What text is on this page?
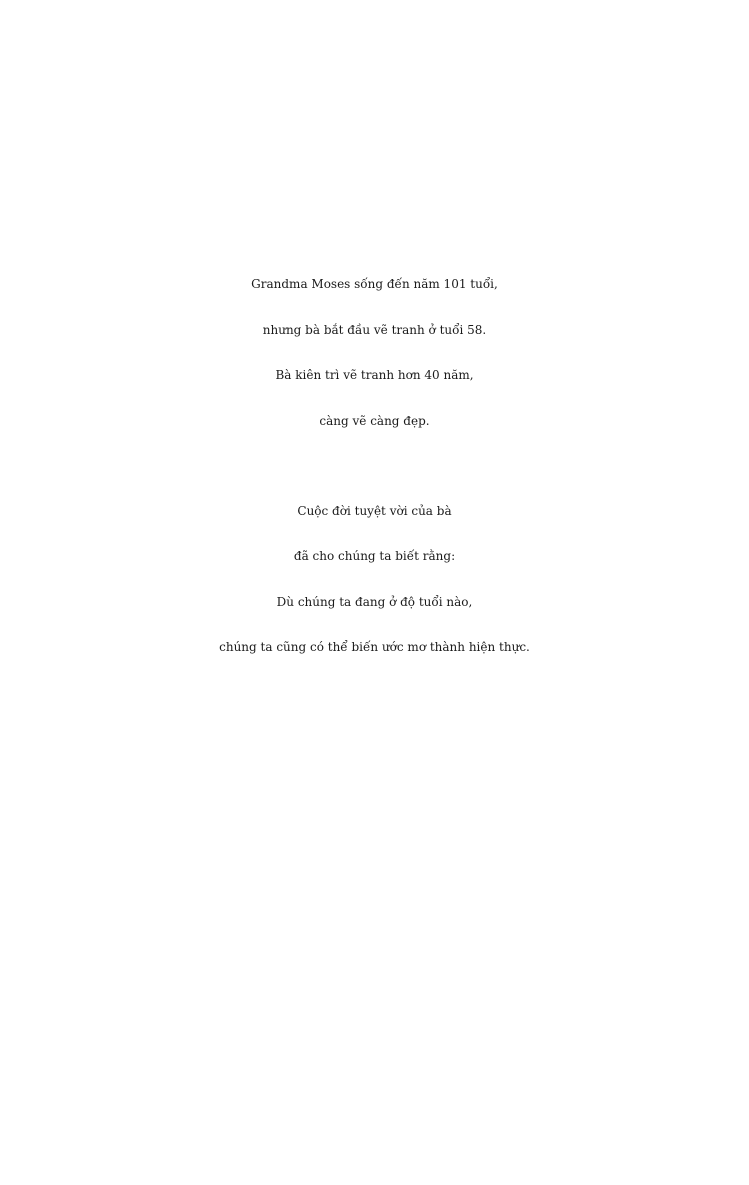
Grandma Moses sống đến năm 101 tuổi,
nhưng bà bắt đầu vẽ tranh ở tuổi 58.
Bà kiên trì vẽ tranh hơn 40 năm,
càng vẽ càng đẹp.
Cuộc đời tuyệt vời của bà
đã cho chúng ta biết rằng:
Dù chúng ta đang ở độ tuổi nào,
chúng ta cũng có thể biến ước mơ thành hiện thực.
